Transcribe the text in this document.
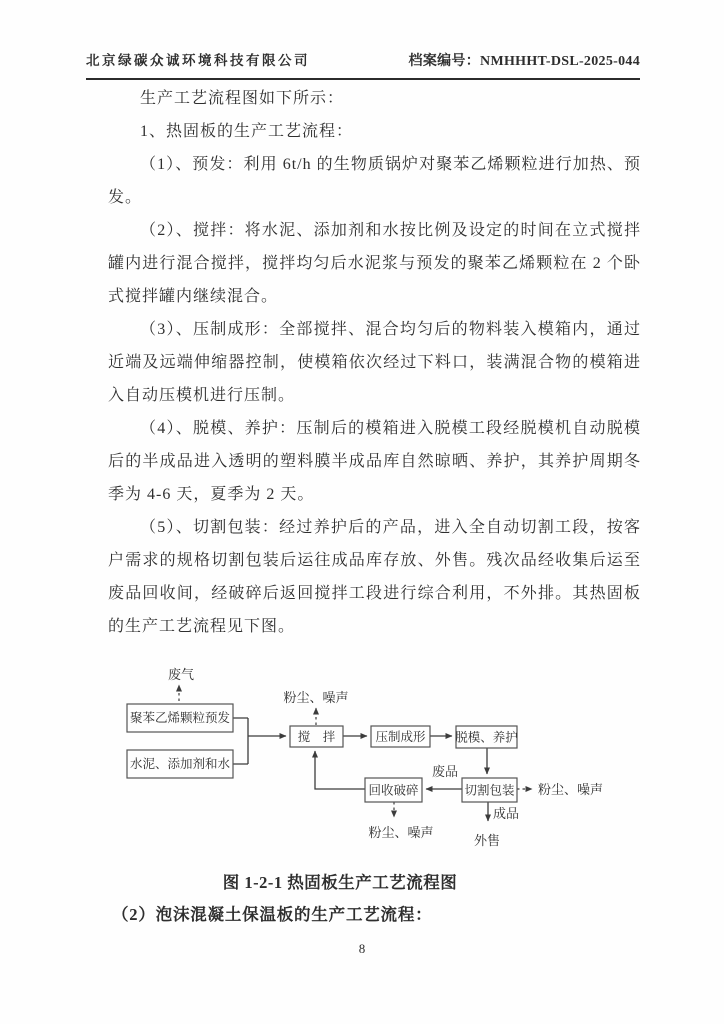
北京绿碳众诚环境科技有限公司	档案编号：NMHHHT-DSL-2025-044

生产工艺流程图如下所示：

1、热固板的生产工艺流程：

（1）、预发：利用 6t/h 的生物质锅炉对聚苯乙烯颗粒进行加热、预发。

（2）、搅拌：将水泥、添加剂和水按比例及设定的时间在立式搅拌罐内进行混合搅拌，搅拌均匀后水泥浆与预发的聚苯乙烯颗粒在 2 个卧式搅拌罐内继续混合。

（3）、压制成形：全部搅拌、混合均匀后的物料装入模箱内，通过近端及远端伸缩器控制，使模箱依次经过下料口，装满混合物的模箱进入自动压模机进行压制。

（4）、脱模、养护：压制后的模箱进入脱模工段经脱模机自动脱模后的半成品进入透明的塑料膜半成品库自然晾晒、养护，其养护周期冬季为 4-6 天，夏季为 2 天。

（5）、切割包装：经过养护后的产品，进入全自动切割工段，按客户需求的规格切割包装后运往成品库存放、外售。残次品经收集后运至废品回收间，经破碎后返回搅拌工段进行综合利用，不外排。其热固板的生产工艺流程见下图。

聚苯乙烯颗粒预发
水泥、添加剂和水
搅　拌	压制成形 脱模、养护
回收破碎	切割包装
废气
粉尘、噪声
废品
粉尘、噪声
成品
外售
粉尘、噪声
图 1-2-1 热固板生产工艺流程图
（2）泡沫混凝土保温板的生产工艺流程：
8
